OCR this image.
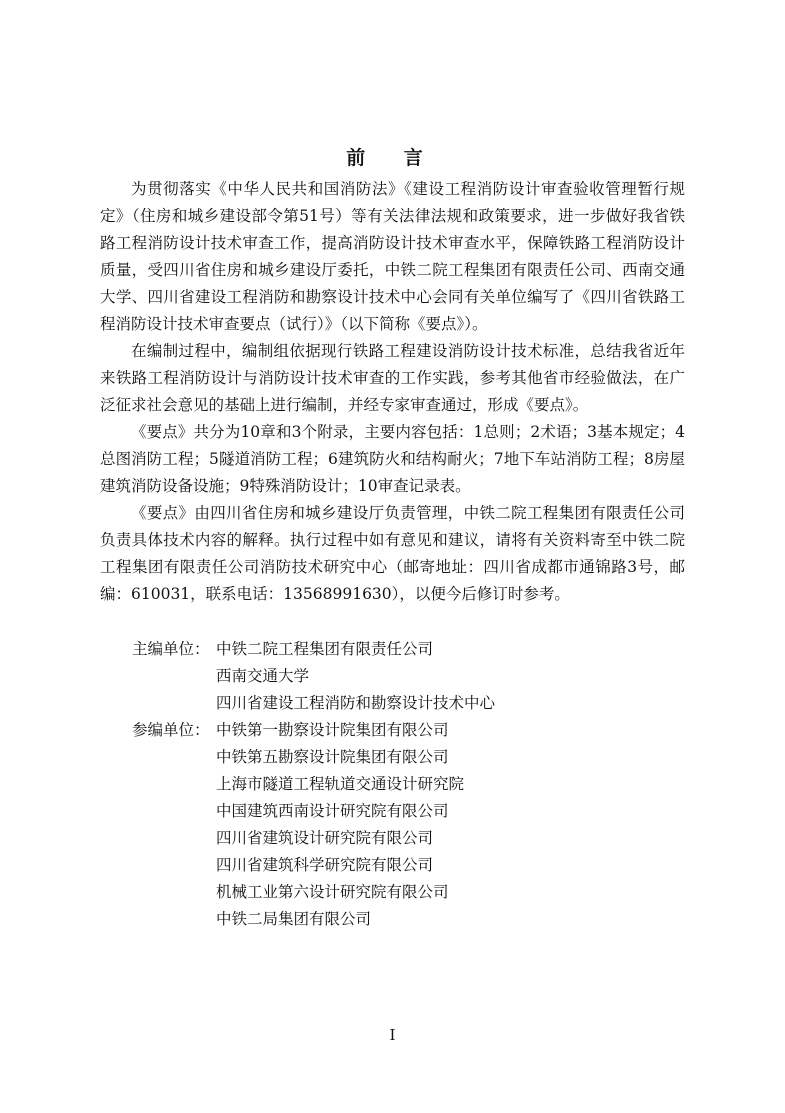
前 言

为贯彻落实《中华人民共和国消防法》《建设工程消防设计审查验收管理暂行规定》（住房和城乡建设部令第51号）等有关法律法规和政策要求，进一步做好我省铁路工程消防设计技术审查工作，提高消防设计技术审查水平，保障铁路工程消防设计质量，受四川省住房和城乡建设厅委托，中铁二院工程集团有限责任公司、西南交通大学、四川省建设工程消防和勘察设计技术中心会同有关单位编写了《四川省铁路工程消防设计技术审查要点（试行）》（以下简称《要点》）。

在编制过程中，编制组依据现行铁路工程建设消防设计技术标准，总结我省近年来铁路工程消防设计与消防设计技术审查的工作实践，参考其他省市经验做法，在广泛征求社会意见的基础上进行编制，并经专家审查通过，形成《要点》。

《要点》共分为10章和3个附录，主要内容包括：1总则；2术语；3基本规定；4总图消防工程；5隧道消防工程；6建筑防火和结构耐火；7地下车站消防工程；8房屋建筑消防设备设施；9特殊消防设计；10审查记录表。

《要点》由四川省住房和城乡建设厅负责管理，中铁二院工程集团有限责任公司负责具体技术内容的解释。执行过程中如有意见和建议，请将有关资料寄至中铁二院工程集团有限责任公司消防技术研究中心（邮寄地址：四川省成都市通锦路3号，邮编：610031，联系电话：13568991630），以便今后修订时参考。

主编单位： 中铁二院工程集团有限责任公司
西南交通大学
四川省建设工程消防和勘察设计技术中心
参编单位： 中铁第一勘察设计院集团有限公司
中铁第五勘察设计院集团有限公司
上海市隧道工程轨道交通设计研究院
中国建筑西南设计研究院有限公司
四川省建筑设计研究院有限公司
四川省建筑科学研究院有限公司
机械工业第六设计研究院有限公司
中铁二局集团有限公司
I
